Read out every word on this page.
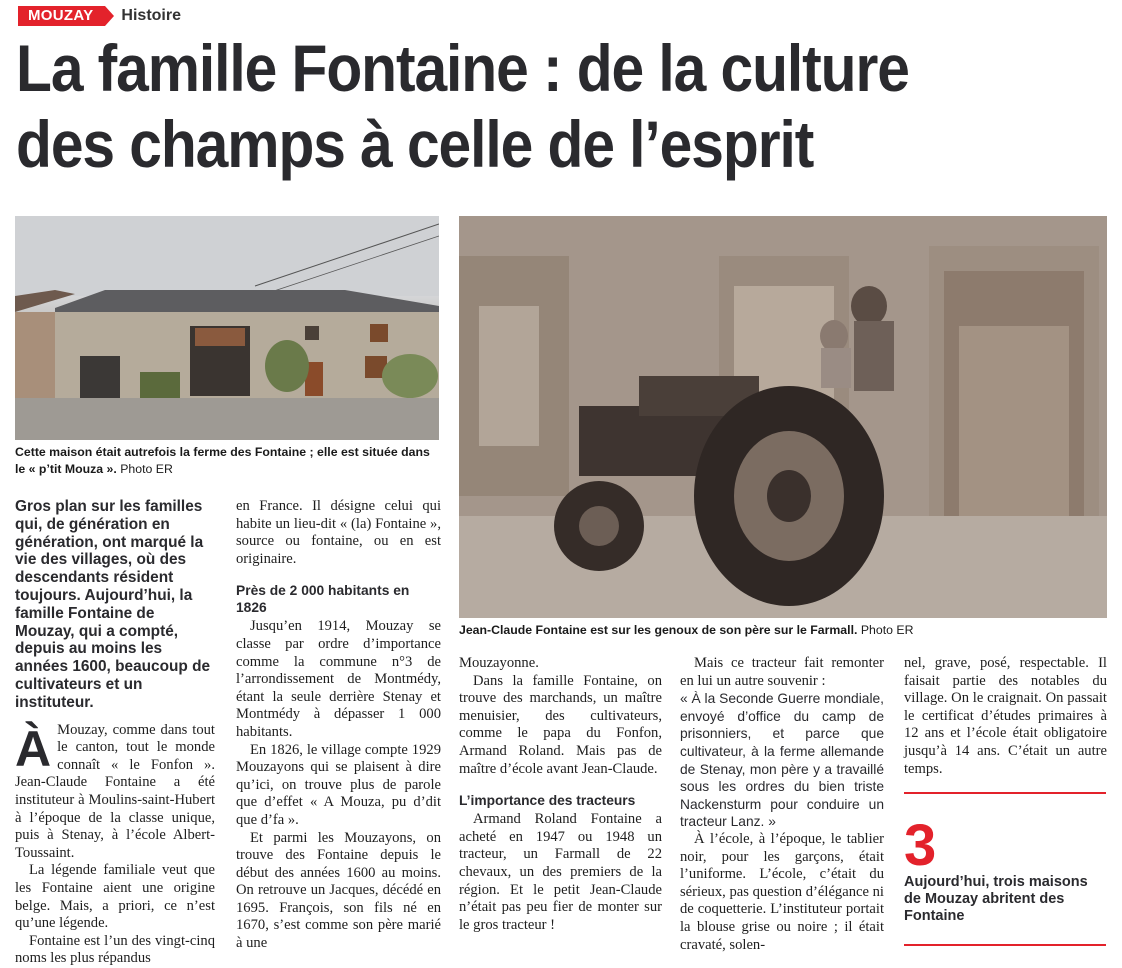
MOUZAY	Histoire
La famille Fontaine : de la culture
des champs à celle de l’esprit
Cette maison était autrefois la ferme des Fontaine ; elle est située dans le « p’tit Mouza ». Photo ER
Jean-Claude Fontaine est sur les genoux de son père sur le Farmall. Photo ER
Gros plan sur les familles qui, de génération en génération, ont marqué la vie des villages, où des descendants résident toujours. Aujourd’hui, la famille Fontaine de Mouzay, qui a compté, depuis au moins les années 1600, beaucoup de cultivateurs et un instituteur.

À Mouzay, comme dans tout le canton, tout le monde connaît « le Fonfon ». Jean-Claude Fontaine a été instituteur à Moulins-saint-Hubert à l’époque de la classe unique, puis à Stenay, à l’école Albert-Toussaint.

La légende familiale veut que les Fontaine aient une origine belge. Mais, a priori, ce n’est qu’une légende.

Fontaine est l’un des vingt-cinq noms les plus répandus

en France. Il désigne celui qui habite un lieu-dit « (la) Fontaine », source ou fontaine, ou en est originaire.

Près de 2 000 habitants en 1826

Jusqu’en 1914, Mouzay se classe par ordre d’importance comme la commune n°3 de l’arrondissement de Montmédy, étant la seule derrière Stenay et Montmédy à dépasser 1 000 habitants.

En 1826, le village compte 1929 Mouzayons qui se plaisent à dire qu’ici, on trouve plus de parole que d’effet « A Mouza, pu d’dit que d’fa ».

Et parmi les Mouzayons, on trouve des Fontaine depuis le début des années 1600 au moins. On retrouve un Jacques, décédé en 1695. François, son fils né en 1670, s’est comme son père marié à une

Mouzayonne.

Dans la famille Fontaine, on trouve des marchands, un maître menuisier, des cultivateurs, comme le papa du Fonfon, Armand Roland. Mais pas de maître d’école avant Jean-Claude.

L’importance des tracteurs

Armand Roland Fontaine a acheté en 1947 ou 1948 un tracteur, un Farmall de 22 chevaux, un des premiers de la région. Et le petit Jean-Claude n’était pas peu fier de monter sur le gros tracteur !

Mais ce tracteur fait remonter en lui un autre souvenir :

« À la Seconde Guerre mondiale, envoyé d’office du camp de prisonniers, et parce que cultivateur, à la ferme allemande de Stenay, mon père y a travaillé sous les ordres du bien triste Nackensturm pour conduire un tracteur Lanz. »

À l’école, à l’époque, le tablier noir, pour les garçons, était l’uniforme. L’école, c’était du sérieux, pas question d’élégance ni de coquetterie. L’instituteur portait la blouse grise ou noire ; il était cravaté, solen-

nel, grave, posé, respectable. Il faisait partie des notables du village. On le craignait. On passait le certificat d’études primaires à 12 ans et l’école était obligatoire jusqu’à 14 ans. C’était un autre temps.

3
Aujourd’hui, trois maisons de Mouzay abritent des Fontaine
